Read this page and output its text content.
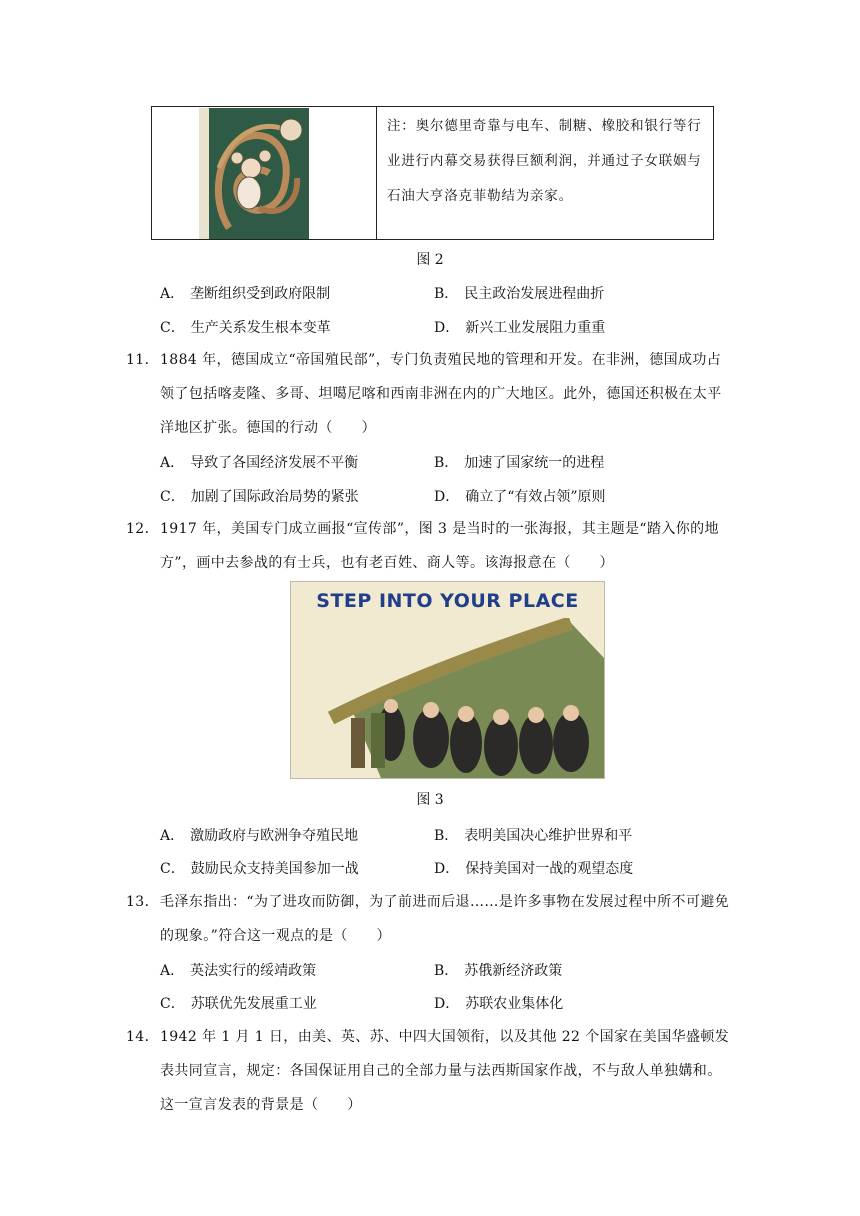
注：奥尔德里奇靠与电车、制糖、橡胶和银行等行业进行内幕交易获得巨额利润，并通过子女联姻与石油大亨洛克菲勒结为亲家。
图 2
A． 垄断组织受到政府限制	B． 民主政治发展进程曲折
C． 生产关系发生根本变革	D． 新兴工业发展阻力重重
11． 1884 年，德国成立“帝国殖民部”，专门负责殖民地的管理和开发。在非洲，德国成功占领了包括喀麦隆、多哥、坦噶尼喀和西南非洲在内的广大地区。此外，德国还积极在太平洋地区扩张。德国的行动（　　）
A． 导致了各国经济发展不平衡	B． 加速了国家统一的进程
C． 加剧了国际政治局势的紧张	D． 确立了“有效占领”原则
12． 1917 年，美国专门成立画报“宣传部”，图 3 是当时的一张海报，其主题是“踏入你的地方”，画中去参战的有士兵，也有老百姓、商人等。该海报意在（　　）
STEP INTO YOUR PLACE
图 3
A． 激励政府与欧洲争夺殖民地	B． 表明美国决心维护世界和平
C． 鼓励民众支持美国参加一战	D． 保持美国对一战的观望态度
13． 毛泽东指出：“为了进攻而防御，为了前进而后退……是许多事物在发展过程中所不可避免的现象。”符合这一观点的是（　　）
A． 英法实行的绥靖政策	B． 苏俄新经济政策
C． 苏联优先发展重工业	D． 苏联农业集体化
14． 1942 年 1 月 1 日，由美、英、苏、中四大国领衔，以及其他 22 个国家在美国华盛顿发表共同宣言，规定：各国保证用自己的全部力量与法西斯国家作战，不与敌人单独媾和。这一宣言发表的背景是（　　）
